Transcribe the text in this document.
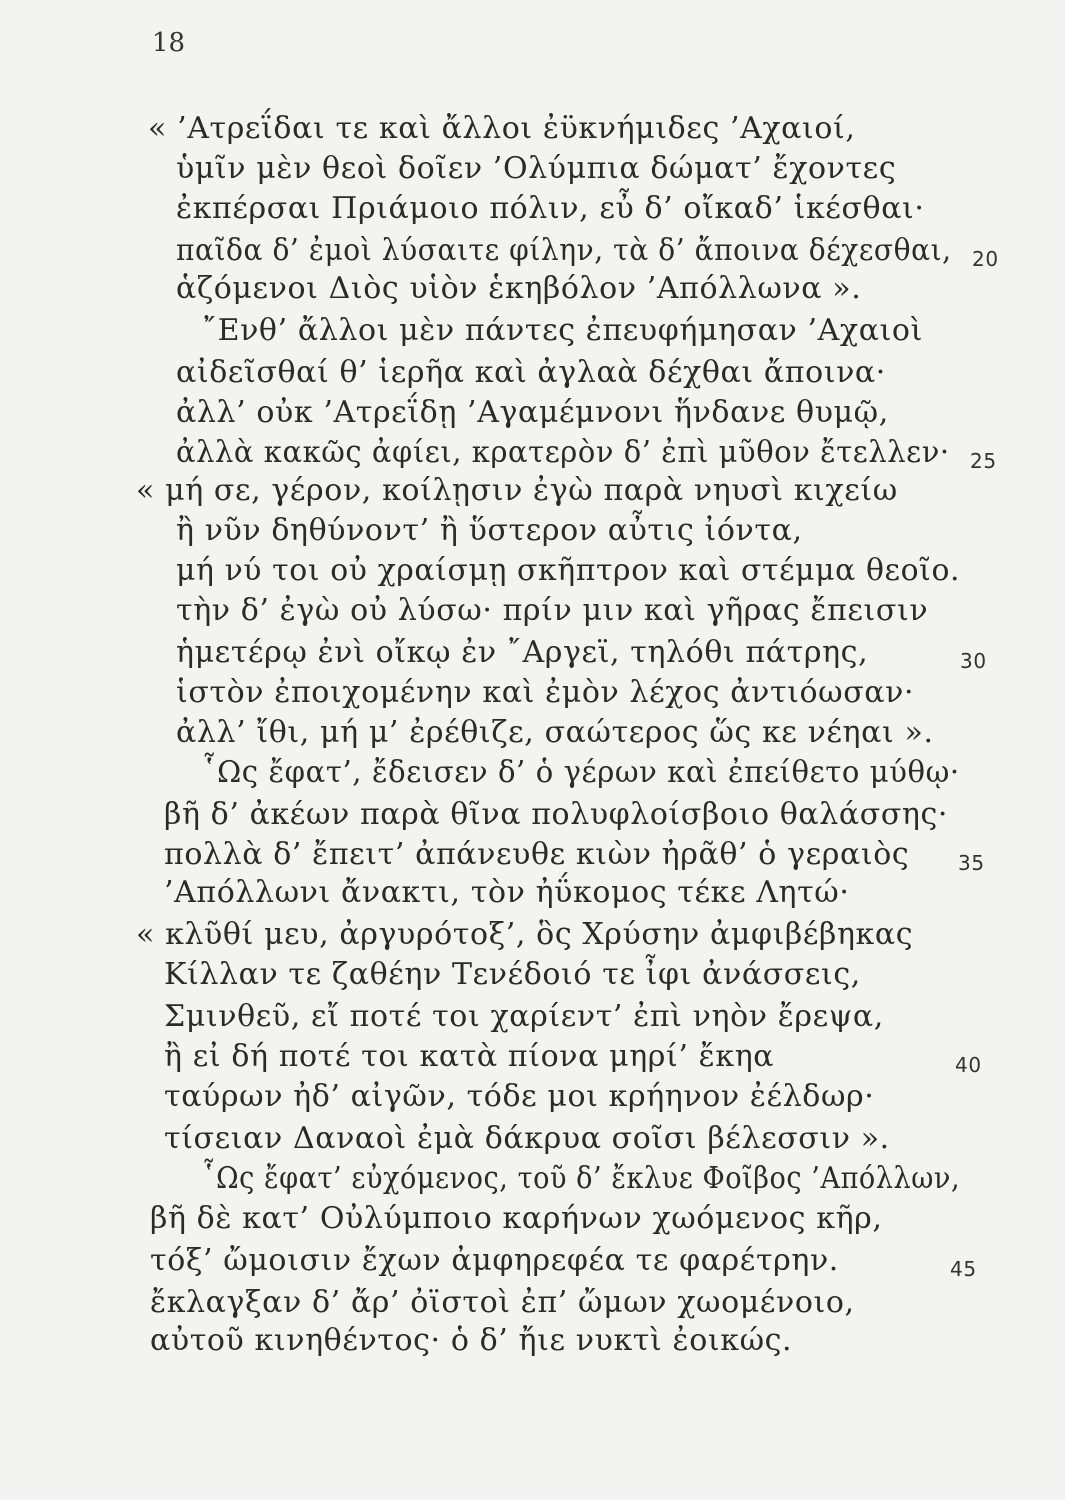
18
« ’Ατρεΐδαι τε καὶ ἄλλοι ἐϋκνήμιδες ’Αχαιοί,
ὑμῖν μὲν θεοὶ δοῖεν ’Ολύμπια δώματ’ ἔχοντες
ἐκπέρσαι Πριάμοιο πόλιν, εὖ δ’ οἴκαδ’ ἱκέσθαι·
παῖδα δ’ ἐμοὶ λύσαιτε φίλην, τὰ δ’ ἄποινα δέχεσθαι, 20
ἁζόμενοι Διὸς υἱὸν ἑκηβόλον ’Απόλλωνα ».
῎Ενθ’ ἄλλοι μὲν πάντες ἐπευφήμησαν ’Αχαιοὶ
αἰδεῖσθαί θ’ ἱερῆα καὶ ἀγλαὰ δέχθαι ἄποινα·
ἀλλ’ οὐκ ’Ατρεΐδῃ ’Αγαμέμνονι ἥνδανε θυμῷ,
ἀλλὰ κακῶς ἀφίει, κρατερὸν δ’ ἐπὶ μῦθον ἔτελλεν· 25
« μή σε, γέρον, κοίλῃσιν ἐγὼ παρὰ νηυσὶ κιχείω
ἢ νῦν δηθύνοντ’ ἢ ὕστερον αὖτις ἰόντα,
μή νύ τοι οὐ χραίσμῃ σκῆπτρον καὶ στέμμα θεοῖο.
τὴν δ’ ἐγὼ οὐ λύσω· πρίν μιν καὶ γῆρας ἔπεισιν
ἡμετέρῳ ἐνὶ οἴκῳ ἐν ῎Αργεϊ, τηλόθι πάτρης,	30
ἱστὸν ἐποιχομένην καὶ ἐμὸν λέχος ἀντιόωσαν·
ἀλλ’ ἴθι, μή μ’ ἐρέθιζε, σαώτερος ὥς κε νέηαι ».
῟Ως ἔφατ’, ἔδεισεν δ’ ὁ γέρων καὶ ἐπείθετο μύθῳ·
βῆ δ’ ἀκέων παρὰ θῖνα πολυφλοίσβοιο θαλάσσης·
πολλὰ δ’ ἔπειτ’ ἀπάνευθε κιὼν ἠρᾶθ’ ὁ γεραιὸς 35
’Απόλλωνι ἄνακτι, τὸν ἠΰκομος τέκε Λητώ·
« κλῦθί μευ, ἀργυρότοξ’, ὃς Χρύσην ἀμφιβέβηκας
Κίλλαν τε ζαθέην Τενέδοιό τε ἶφι ἀνάσσεις,
Σμινθεῦ, εἴ ποτέ τοι χαρίεντ’ ἐπὶ νηὸν ἔρεψα,
ἢ εἰ δή ποτέ τοι κατὰ πίονα μηρί’ ἔκηα	40
ταύρων ἠδ’ αἰγῶν, τόδε μοι κρήηνον ἐέλδωρ·
τίσειαν Δαναοὶ ἐμὰ δάκρυα σοῖσι βέλεσσιν ».
῟Ως ἔφατ’ εὐχόμενος, τοῦ δ’ ἔκλυε Φοῖβος ’Απόλλων,
βῆ δὲ κατ’ Οὐλύμποιο καρήνων χωόμενος κῆρ,
τόξ’ ὤμοισιν ἔχων ἀμφηρεφέα τε φαρέτρην.	45
ἔκλαγξαν δ’ ἄρ’ ὀϊστοὶ ἐπ’ ὤμων χωομένοιο,
αὐτοῦ κινηθέντος· ὁ δ’ ἤιε νυκτὶ ἐοικώς.
